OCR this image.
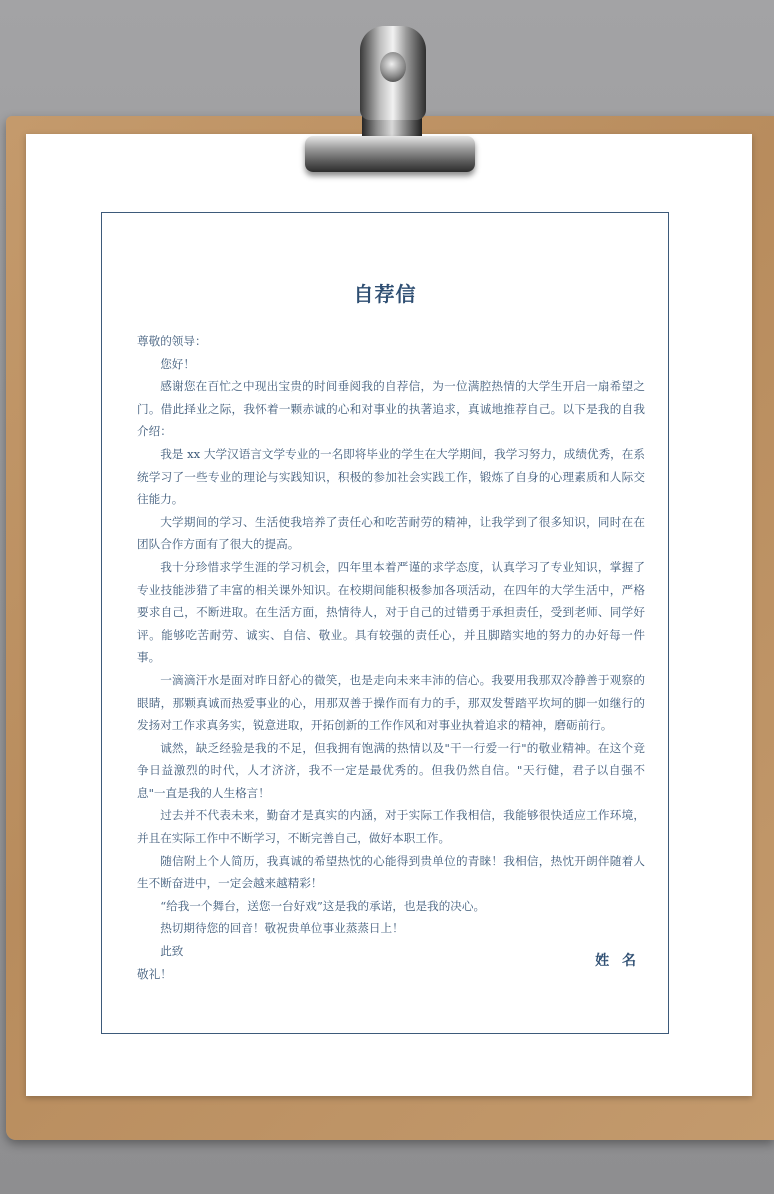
自荐信

尊敬的领导：

您好！

感谢您在百忙之中现出宝贵的时间垂阅我的自荐信，为一位满腔热情的大学生开启一扇希望之门。借此择业之际，我怀着一颗赤诚的心和对事业的执著追求，真诚地推荐自己。以下是我的自我介绍：

我是 xx 大学汉语言文学专业的一名即将毕业的学生在大学期间，我学习努力，成绩优秀，在系统学习了一些专业的理论与实践知识，积极的参加社会实践工作，锻炼了自身的心理素质和人际交往能力。

大学期间的学习、生活使我培养了责任心和吃苦耐劳的精神，让我学到了很多知识，同时在在团队合作方面有了很大的提高。

我十分珍惜求学生涯的学习机会，四年里本着严谨的求学态度，认真学习了专业知识，掌握了专业技能涉猎了丰富的相关课外知识。在校期间能积极参加各项活动，在四年的大学生活中，严格要求自己，不断进取。在生活方面，热情待人，对于自己的过错勇于承担责任，受到老师、同学好评。能够吃苦耐劳、诚实、自信、敬业。具有较强的责任心，并且脚踏实地的努力的办好每一件事。

一滴滴汗水是面对昨日舒心的微笑，也是走向未来丰沛的信心。我要用我那双冷静善于观察的眼睛，那颗真诚而热爱事业的心，用那双善于操作而有力的手，那双发誓踏平坎坷的脚一如继行的发扬对工作求真务实，锐意进取，开拓创新的工作作风和对事业执着追求的精神，磨砺前行。

诚然，缺乏经验是我的不足，但我拥有饱满的热情以及"干一行爱一行"的敬业精神。在这个竞争日益激烈的时代，人才济济，我不一定是最优秀的。但我仍然自信。"天行健，君子以自强不息"一直是我的人生格言！

过去并不代表未来，勤奋才是真实的内涵，对于实际工作我相信，我能够很快适应工作环境，并且在实际工作中不断学习，不断完善自己，做好本职工作。

随信附上个人简历，我真诚的希望热忱的心能得到贵单位的青睐！我相信，热忱开朗伴随着人生不断奋进中，一定会越来越精彩！

“给我一个舞台，送您一台好戏”这是我的承诺，也是我的决心。

热切期待您的回音！敬祝贵单位事业蒸蒸日上！

此致

敬礼！

姓 名
